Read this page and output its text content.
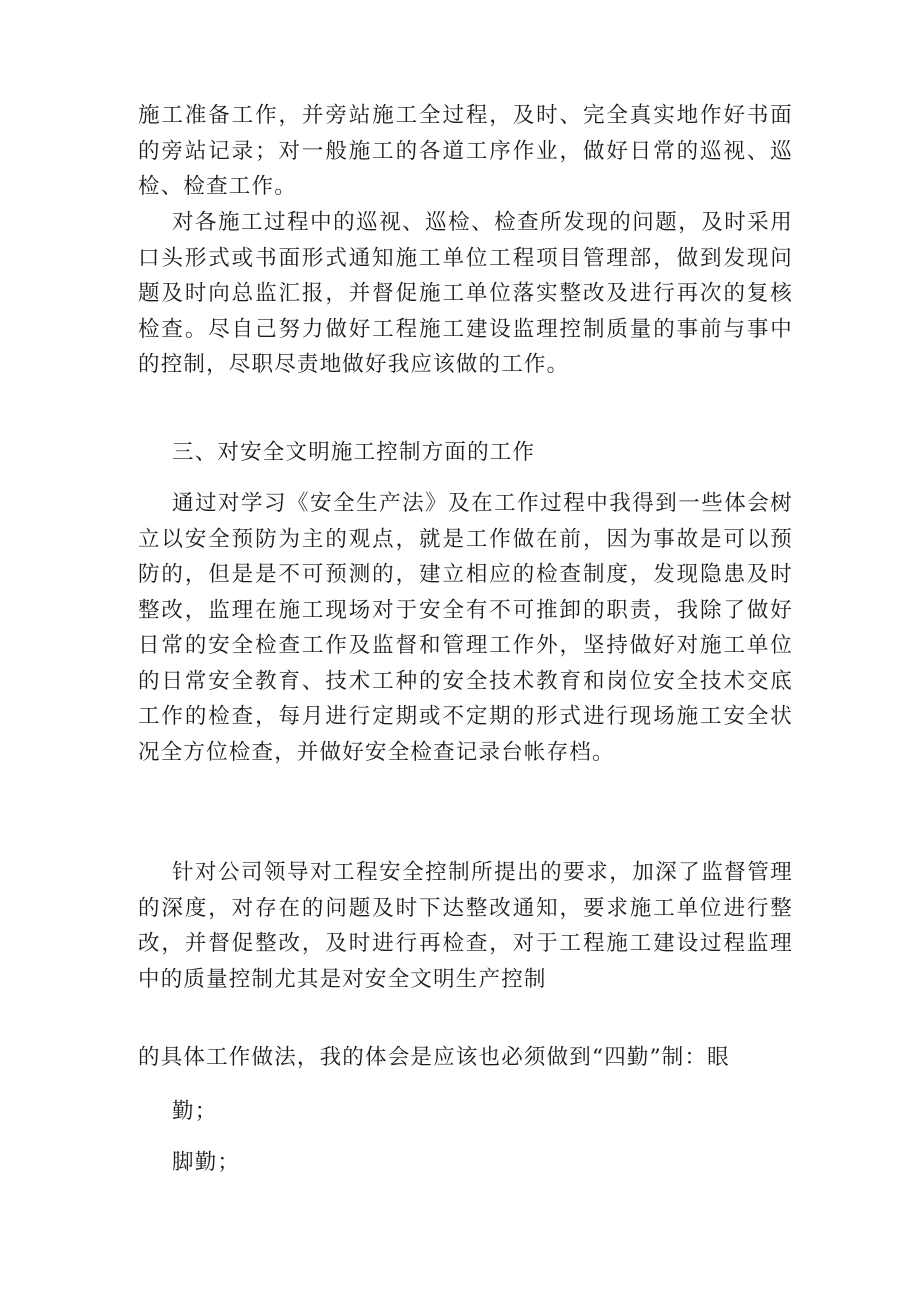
施工准备工作，并旁站施工全过程，及时、完全真实地作好书面的旁站记录；对一般施工的各道工序作业，做好日常的巡视、巡检、检查工作。

对各施工过程中的巡视、巡检、检查所发现的问题，及时采用口头形式或书面形式通知施工单位工程项目管理部，做到发现问题及时向总监汇报，并督促施工单位落实整改及进行再次的复核检查。尽自己努力做好工程施工建设监理控制质量的事前与事中的控制，尽职尽责地做好我应该做的工作。

三、对安全文明施工控制方面的工作

通过对学习《安全生产法》及在工作过程中我得到一些体会树立以安全预防为主的观点，就是工作做在前，因为事故是可以预防的，但是是不可预测的，建立相应的检查制度，发现隐患及时整改，监理在施工现场对于安全有不可推卸的职责，我除了做好日常的安全检查工作及监督和管理工作外，坚持做好对施工单位的日常安全教育、技术工种的安全技术教育和岗位安全技术交底工作的检查，每月进行定期或不定期的形式进行现场施工安全状况全方位检查，并做好安全检查记录台帐存档。

针对公司领导对工程安全控制所提出的要求，加深了监督管理的深度，对存在的问题及时下达整改通知，要求施工单位进行整改，并督促整改，及时进行再检查，对于工程施工建设过程监理中的质量控制尤其是对安全文明生产控制

的具体工作做法，我的体会是应该也必须做到“四勤”制：眼

勤；

脚勤；
